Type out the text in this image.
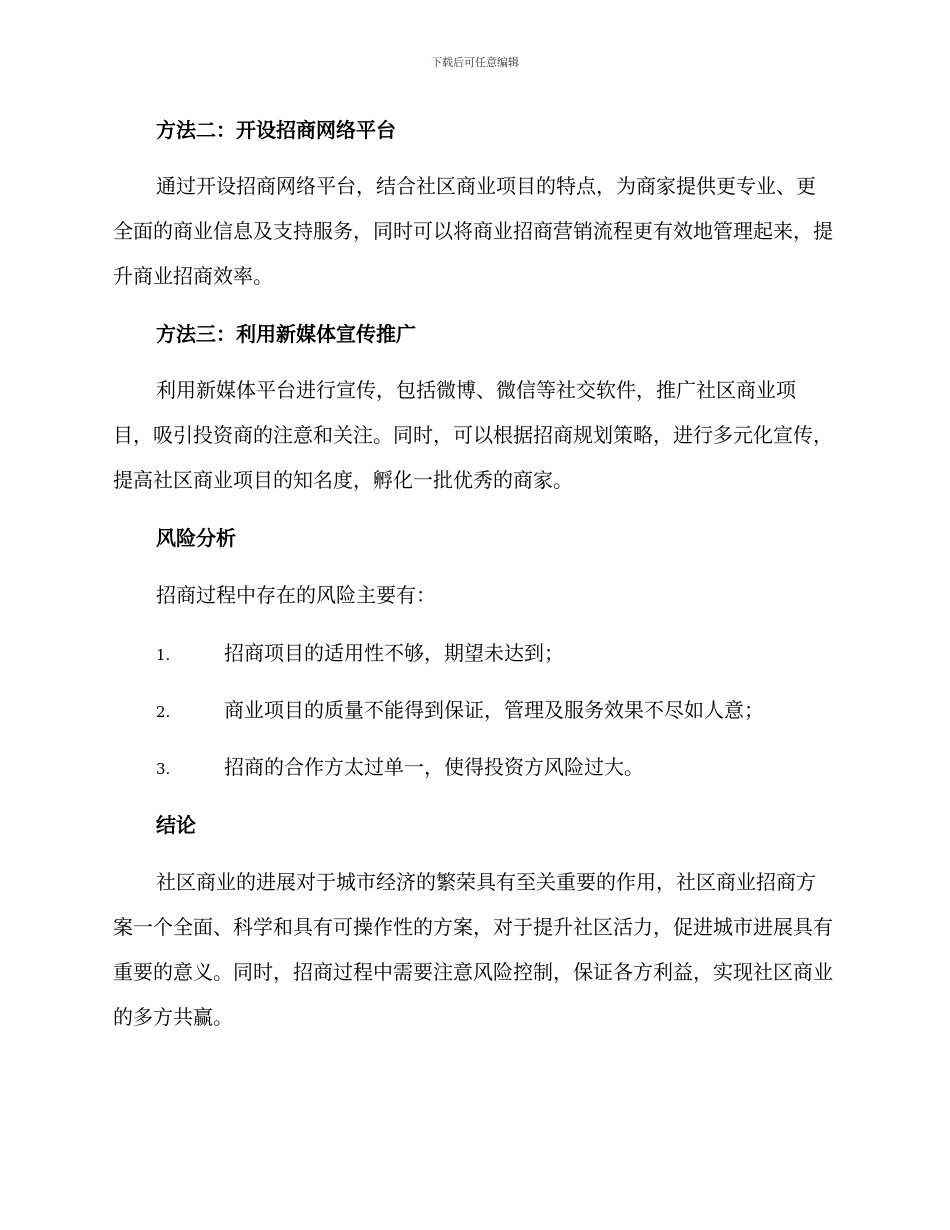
下载后可任意编辑
方法二：开设招商网络平台
通过开设招商网络平台，结合社区商业项目的特点，为商家提供更专业、更全面的商业信息及支持服务，同时可以将商业招商营销流程更有效地管理起来，提升商业招商效率。
方法三：利用新媒体宣传推广
利用新媒体平台进行宣传，包括微博、微信等社交软件，推广社区商业项目，吸引投资商的注意和关注。同时，可以根据招商规划策略，进行多元化宣传，提高社区商业项目的知名度，孵化一批优秀的商家。
风险分析
招商过程中存在的风险主要有：
1.	招商项目的适用性不够，期望未达到；
2.	商业项目的质量不能得到保证，管理及服务效果不尽如人意；
3.	招商的合作方太过单一，使得投资方风险过大。
结论
社区商业的进展对于城市经济的繁荣具有至关重要的作用，社区商业招商方案一个全面、科学和具有可操作性的方案，对于提升社区活力，促进城市进展具有重要的意义。同时，招商过程中需要注意风险控制，保证各方利益，实现社区商业的多方共赢。
